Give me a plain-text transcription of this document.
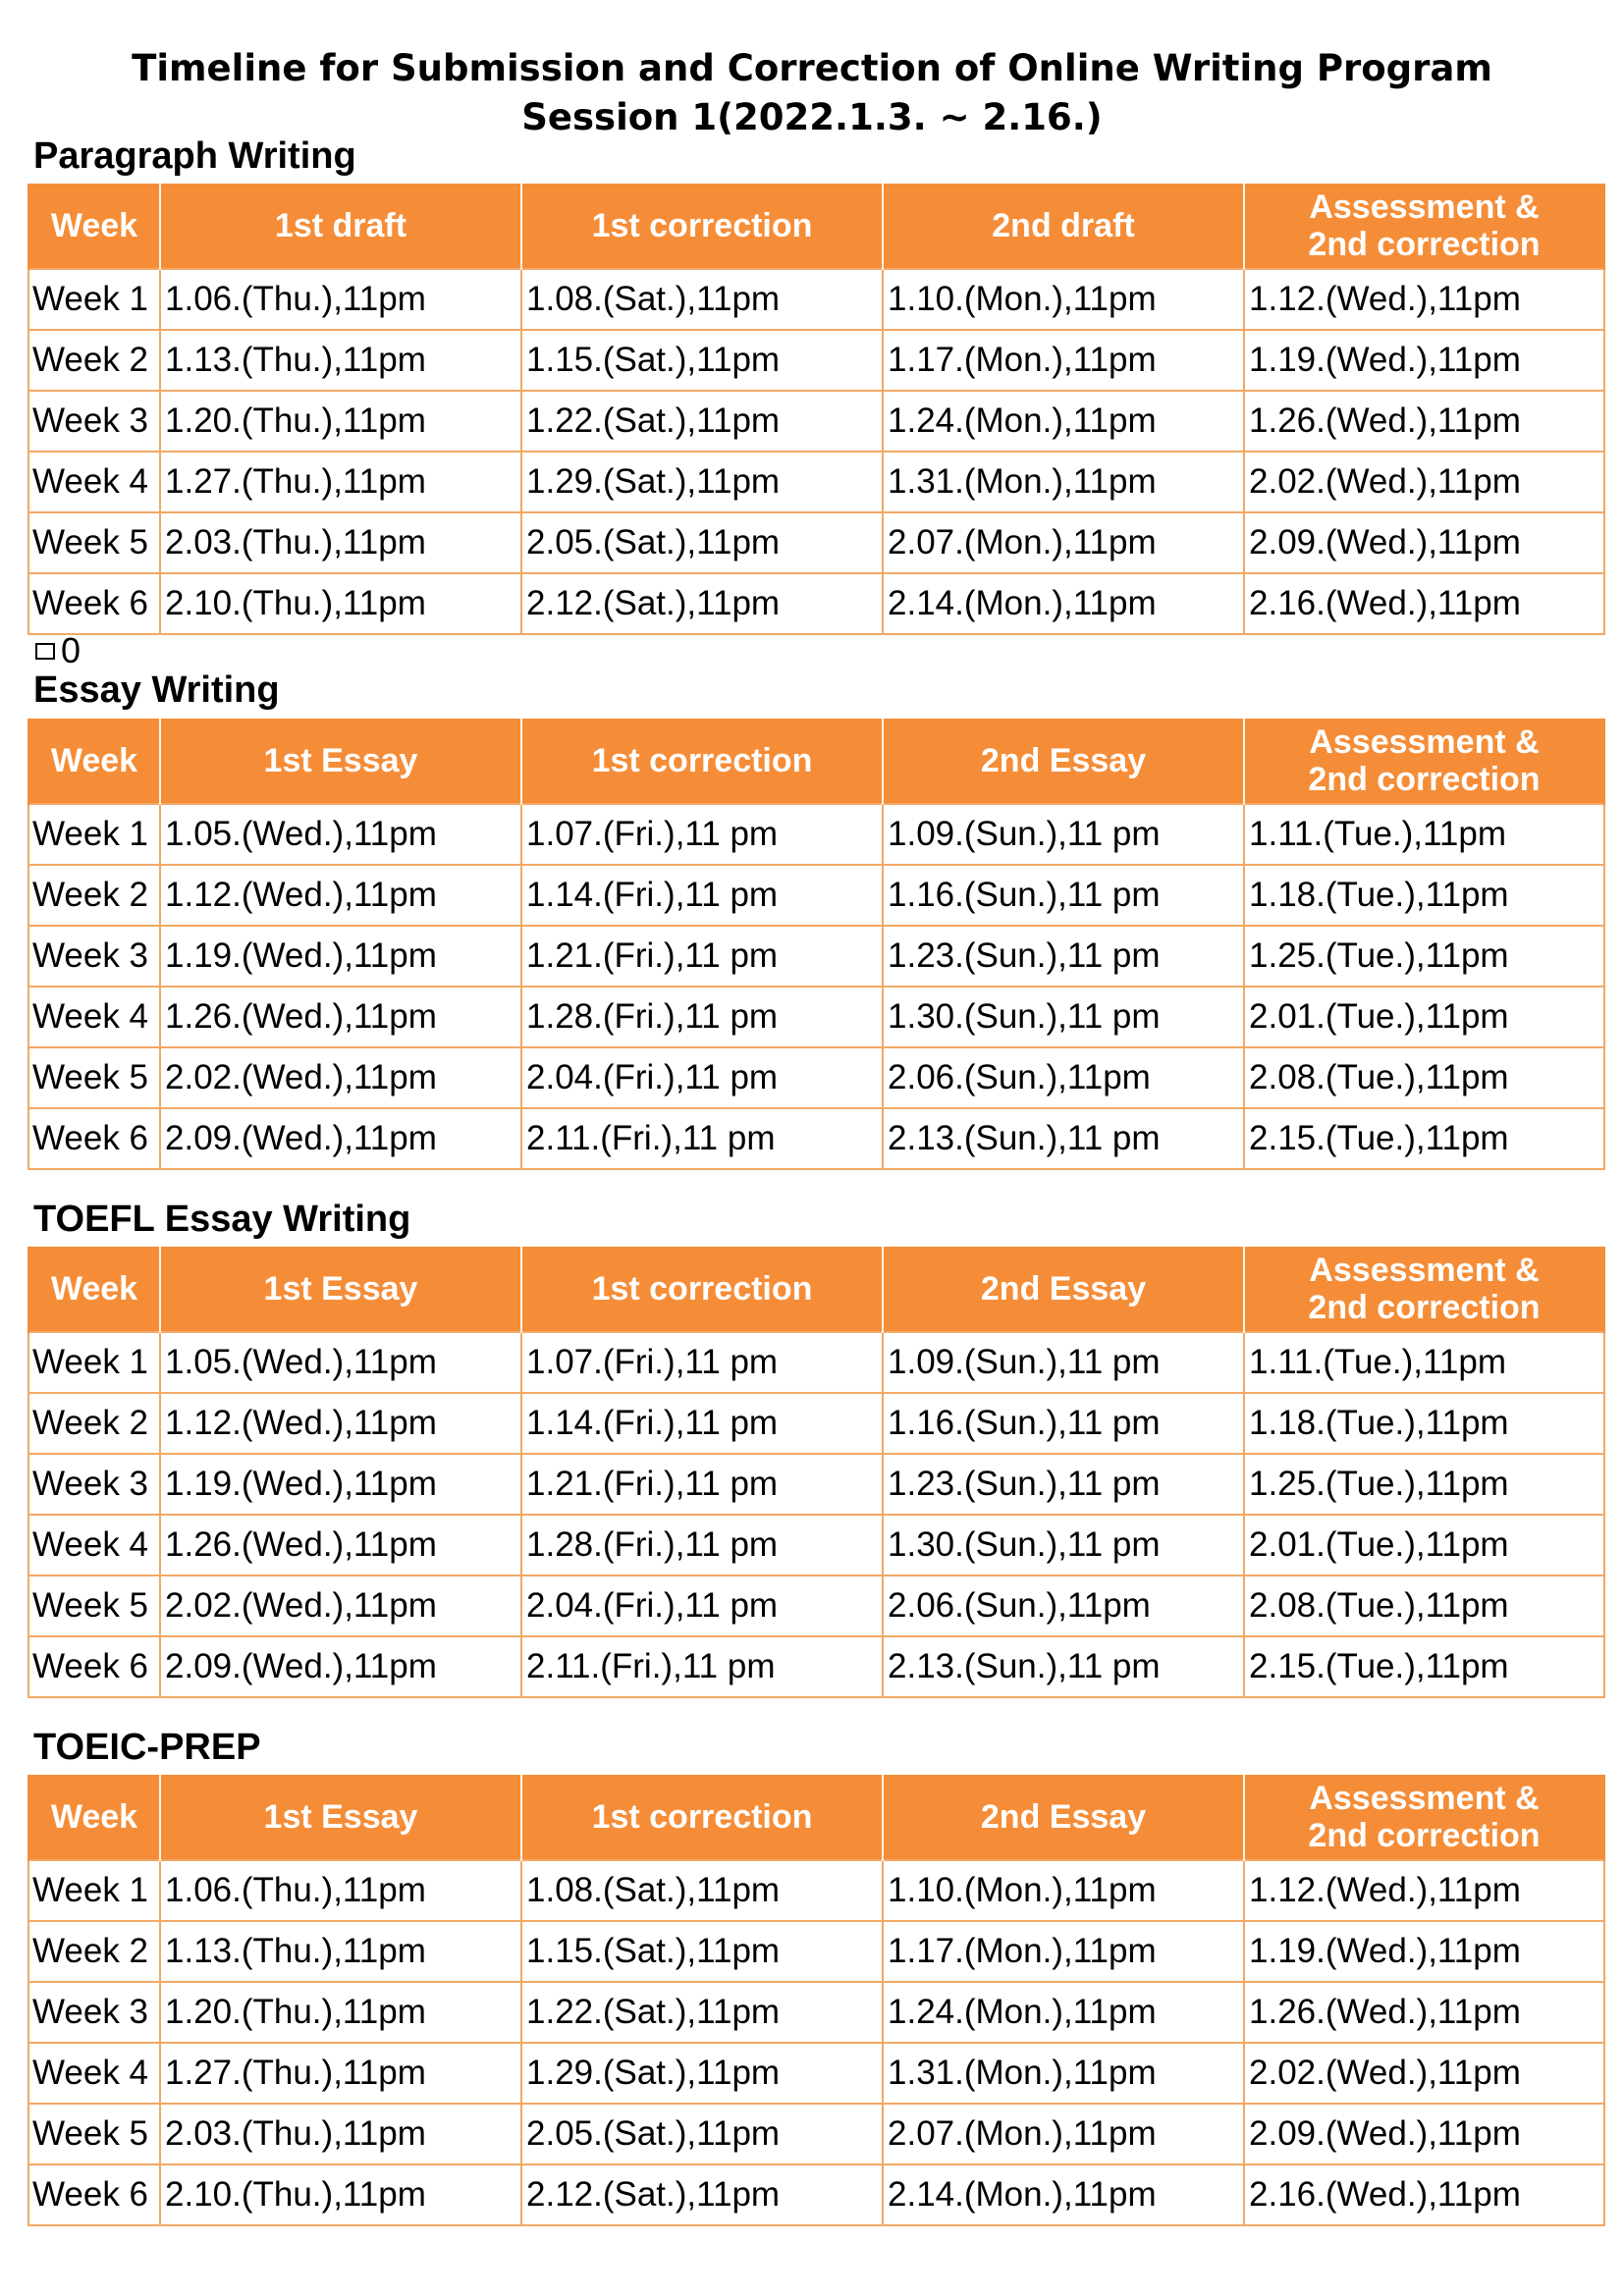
Timeline for Submission and Correction of Online Writing Program
Session 1(2022.1.3. ~ 2.16.)
Paragraph Writing
Week	1st draft	1st correction	2nd draft	Assessment &
2nd correction
Week 1	1.06.(Thu.),11pm	1.08.(Sat.),11pm	1.10.(Mon.),11pm	1.12.(Wed.),11pm
Week 2	1.13.(Thu.),11pm	1.15.(Sat.),11pm	1.17.(Mon.),11pm	1.19.(Wed.),11pm
Week 3	1.20.(Thu.),11pm	1.22.(Sat.),11pm	1.24.(Mon.),11pm	1.26.(Wed.),11pm
Week 4	1.27.(Thu.),11pm	1.29.(Sat.),11pm	1.31.(Mon.),11pm	2.02.(Wed.),11pm
Week 5	2.03.(Thu.),11pm	2.05.(Sat.),11pm	2.07.(Mon.),11pm	2.09.(Wed.),11pm
Week 6	2.10.(Thu.),11pm	2.12.(Sat.),11pm	2.14.(Mon.),11pm	2.16.(Wed.),11pm
0
Essay Writing
Week	1st Essay	1st correction	2nd Essay	Assessment &
2nd correction
Week 1	1.05.(Wed.),11pm	1.07.(Fri.),11 pm	1.09.(Sun.),11 pm	1.11.(Tue.),11pm
Week 2	1.12.(Wed.),11pm	1.14.(Fri.),11 pm	1.16.(Sun.),11 pm	1.18.(Tue.),11pm
Week 3	1.19.(Wed.),11pm	1.21.(Fri.),11 pm	1.23.(Sun.),11 pm	1.25.(Tue.),11pm
Week 4	1.26.(Wed.),11pm	1.28.(Fri.),11 pm	1.30.(Sun.),11 pm	2.01.(Tue.),11pm
Week 5	2.02.(Wed.),11pm	2.04.(Fri.),11 pm	2.06.(Sun.),11pm	2.08.(Tue.),11pm
Week 6	2.09.(Wed.),11pm	2.11.(Fri.),11 pm	2.13.(Sun.),11 pm	2.15.(Tue.),11pm
TOEFL Essay Writing
Week	1st Essay	1st correction	2nd Essay	Assessment &
2nd correction
Week 1	1.05.(Wed.),11pm	1.07.(Fri.),11 pm	1.09.(Sun.),11 pm	1.11.(Tue.),11pm
Week 2	1.12.(Wed.),11pm	1.14.(Fri.),11 pm	1.16.(Sun.),11 pm	1.18.(Tue.),11pm
Week 3	1.19.(Wed.),11pm	1.21.(Fri.),11 pm	1.23.(Sun.),11 pm	1.25.(Tue.),11pm
Week 4	1.26.(Wed.),11pm	1.28.(Fri.),11 pm	1.30.(Sun.),11 pm	2.01.(Tue.),11pm
Week 5	2.02.(Wed.),11pm	2.04.(Fri.),11 pm	2.06.(Sun.),11pm	2.08.(Tue.),11pm
Week 6	2.09.(Wed.),11pm	2.11.(Fri.),11 pm	2.13.(Sun.),11 pm	2.15.(Tue.),11pm
TOEIC-PREP
Week	1st Essay	1st correction	2nd Essay	Assessment &
2nd correction
Week 1	1.06.(Thu.),11pm	1.08.(Sat.),11pm	1.10.(Mon.),11pm	1.12.(Wed.),11pm
Week 2	1.13.(Thu.),11pm	1.15.(Sat.),11pm	1.17.(Mon.),11pm	1.19.(Wed.),11pm
Week 3	1.20.(Thu.),11pm	1.22.(Sat.),11pm	1.24.(Mon.),11pm	1.26.(Wed.),11pm
Week 4	1.27.(Thu.),11pm	1.29.(Sat.),11pm	1.31.(Mon.),11pm	2.02.(Wed.),11pm
Week 5	2.03.(Thu.),11pm	2.05.(Sat.),11pm	2.07.(Mon.),11pm	2.09.(Wed.),11pm
Week 6	2.10.(Thu.),11pm	2.12.(Sat.),11pm	2.14.(Mon.),11pm	2.16.(Wed.),11pm
